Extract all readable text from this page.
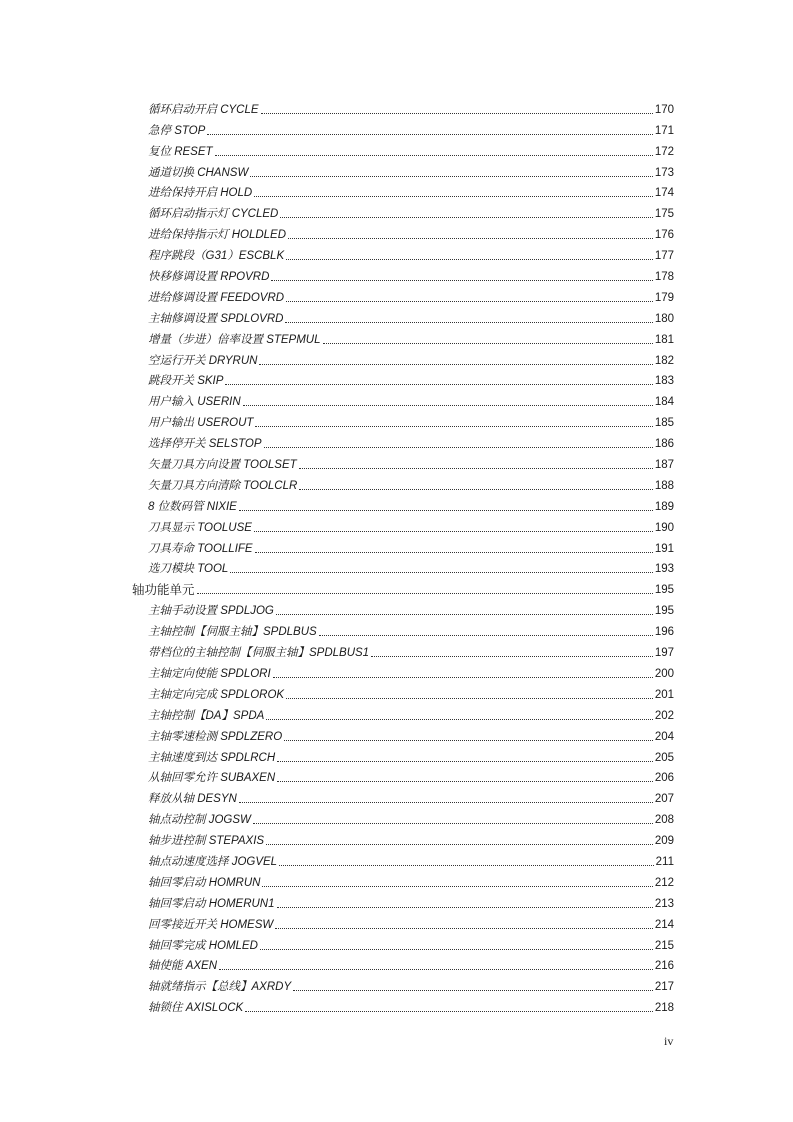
循环启动开启 CYCLE	170
急停 STOP	171
复位 RESET	172
通道切换 CHANSW	173
进给保持开启 HOLD	174
循环启动指示灯 CYCLED	175
进给保持指示灯 HOLDLED	176
程序跳段（G31）ESCBLK	177
快移修调设置 RPOVRD	178
进给修调设置 FEEDOVRD	179
主轴修调设置 SPDLOVRD	180
增量（步进）倍率设置 STEPMUL	181
空运行开关 DRYRUN	182
跳段开关 SKIP	183
用户输入 USERIN	184
用户输出 USEROUT	185
选择停开关 SELSTOP	186
矢量刀具方向设置 TOOLSET	187
矢量刀具方向清除 TOOLCLR	188
8 位数码管 NIXIE	189
刀具显示 TOOLUSE	190
刀具寿命 TOOLLIFE	191
选刀模块 TOOL	193
轴功能单元	195
主轴手动设置 SPDLJOG	195
主轴控制【伺服主轴】SPDLBUS	196
带档位的主轴控制【伺服主轴】SPDLBUS1	197
主轴定向使能 SPDLORI	200
主轴定向完成 SPDLOROK	201
主轴控制【DA】SPDA	202
主轴零速检测 SPDLZERO	204
主轴速度到达 SPDLRCH	205
从轴回零允许 SUBAXEN	206
释放从轴 DESYN	207
轴点动控制 JOGSW	208
轴步进控制 STEPAXIS	209
轴点动速度选择 JOGVEL	211
轴回零启动 HOMRUN	212
轴回零启动 HOMERUN1	213
回零接近开关 HOMESW	214
轴回零完成 HOMLED	215
轴使能 AXEN	216
轴就绪指示【总线】AXRDY	217
轴锁住 AXISLOCK	218
iv
